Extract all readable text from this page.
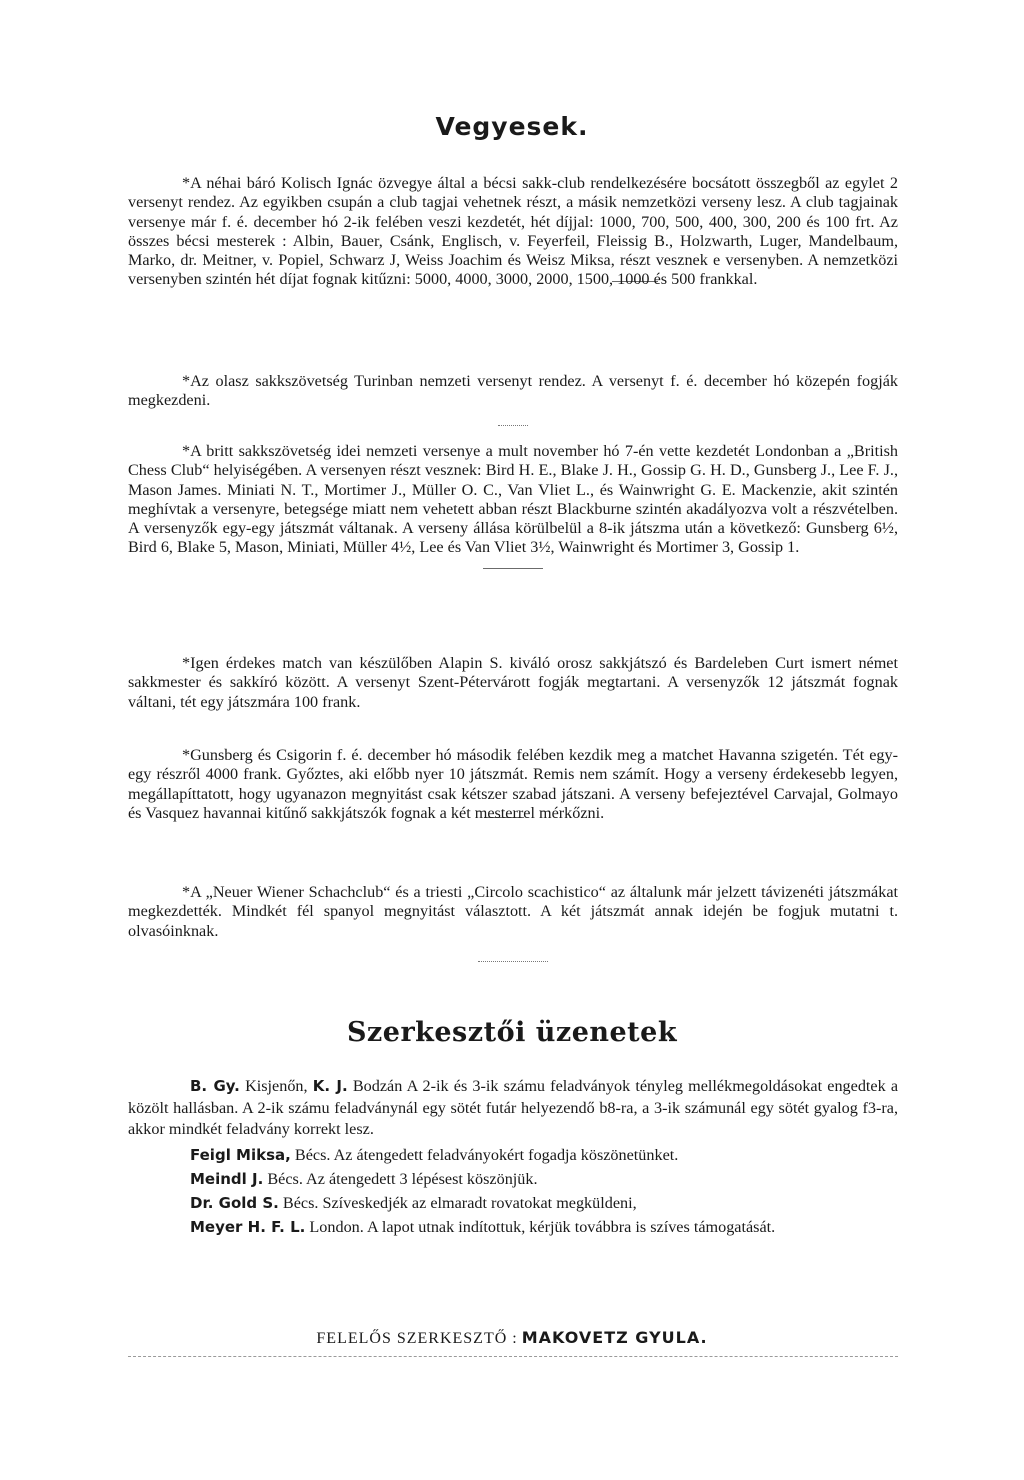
Vegyesek.

*A néhai báró Kolisch Ignác özvegye által a bécsi sakk-club rendelkezésére bocsátott összegből az egylet 2 versenyt rendez. Az egyikben csupán a club tagjai vehetnek részt, a másik nemzetközi verseny lesz. A club tagjainak versenye már f. é. december hó 2-ik felében veszi kezdetét, hét díjjal: 1000, 700, 500, 400, 300, 200 és 100 frt. Az összes bécsi mesterek : Albin, Bauer, Csánk, Englisch, v. Feyerfeil, Fleissig B., Holzwarth, Luger, Mandelbaum, Marko, dr. Meitner, v. Popiel, Schwarz J, Weiss Joachim és Weisz Miksa, részt vesznek e versenyben. A nemzetközi versenyben szintén hét díjat fognak kitűzni: 5000, 4000, 3000, 2000, 1500, 1000 és 500 frankkal.

*Az olasz sakkszövetség Turinban nemzeti versenyt rendez. A versenyt f. é. december hó közepén fogják megkezdeni.

*A britt sakkszövetség idei nemzeti versenye a mult november hó 7-én vette kezdetét Londonban a „British Chess Club“ helyiségében. A versenyen részt vesznek: Bird H. E., Blake J. H., Gossip G. H. D., Gunsberg J., Lee F. J., Mason James. Miniati N. T., Mortimer J., Müller O. C., Van Vliet L., és Wainwright G. E. Mackenzie, akit szintén meghívtak a versenyre, betegsége miatt nem vehetett abban részt Blackburne szintén akadályozva volt a részvételben. A versenyzők egy-egy játszmát váltanak. A verseny állása körülbelül a 8-ik játszma után a következő: Gunsberg 6½, Bird 6, Blake 5, Mason, Miniati, Müller 4½, Lee és Van Vliet 3½, Wainwright és Mortimer 3, Gossip 1.

*Igen érdekes match van készülőben Alapin S. kiváló orosz sakkjátszó és Bardeleben Curt ismert német sakkmester és sakkíró között. A versenyt Szent-Pétervárott fogják megtartani. A versenyzők 12 játszmát fognak váltani, tét egy játszmára 100 frank.

*Gunsberg és Csigorin f. é. december hó második felében kezdik meg a matchet Havanna szigetén. Tét egy-egy részről 4000 frank. Győztes, aki előbb nyer 10 játszmát. Remis nem számít. Hogy a verseny érdekesebb legyen, megállapíttatott, hogy ugyanazon megnyitást csak kétszer szabad játszani. A verseny befejeztével Carvajal, Golmayo és Vasquez havannai kitűnő sakkjátszók fognak a két mesterrel mérkőzni.

*A „Neuer Wiener Schachclub“ és a triesti „Circolo scachistico“ az általunk már jelzett távizenéti játszmákat megkezdették. Mindkét fél spanyol megnyitást választott. A két játszmát annak idején be fogjuk mutatni t. olvasóinknak.

Szerkesztői üzenetek

B. Gy. Kisjenőn, K. J. Bodzán A 2-ik és 3-ik számu feladványok tényleg mellékmegoldásokat engedtek a közölt hallásban. A 2-ik számu feladványnál egy sötét futár helyezendő b8-ra, a 3-ik számunál egy sötét gyalog f3-ra, akkor mindkét feladvány korrekt lesz.

Feigl Miksa, Bécs. Az átengedett feladványokért fogadja köszönetünket.

Meindl J. Bécs. Az átengedett 3 lépésest köszönjük.

Dr. Gold S. Bécs. Szíveskedjék az elmaradt rovatokat megküldeni,

Meyer H. F. L. London. A lapot utnak indítottuk, kérjük továbbra is szíves támogatását.

FELELŐS SZERKESZTŐ : MAKOVETZ GYULA.
